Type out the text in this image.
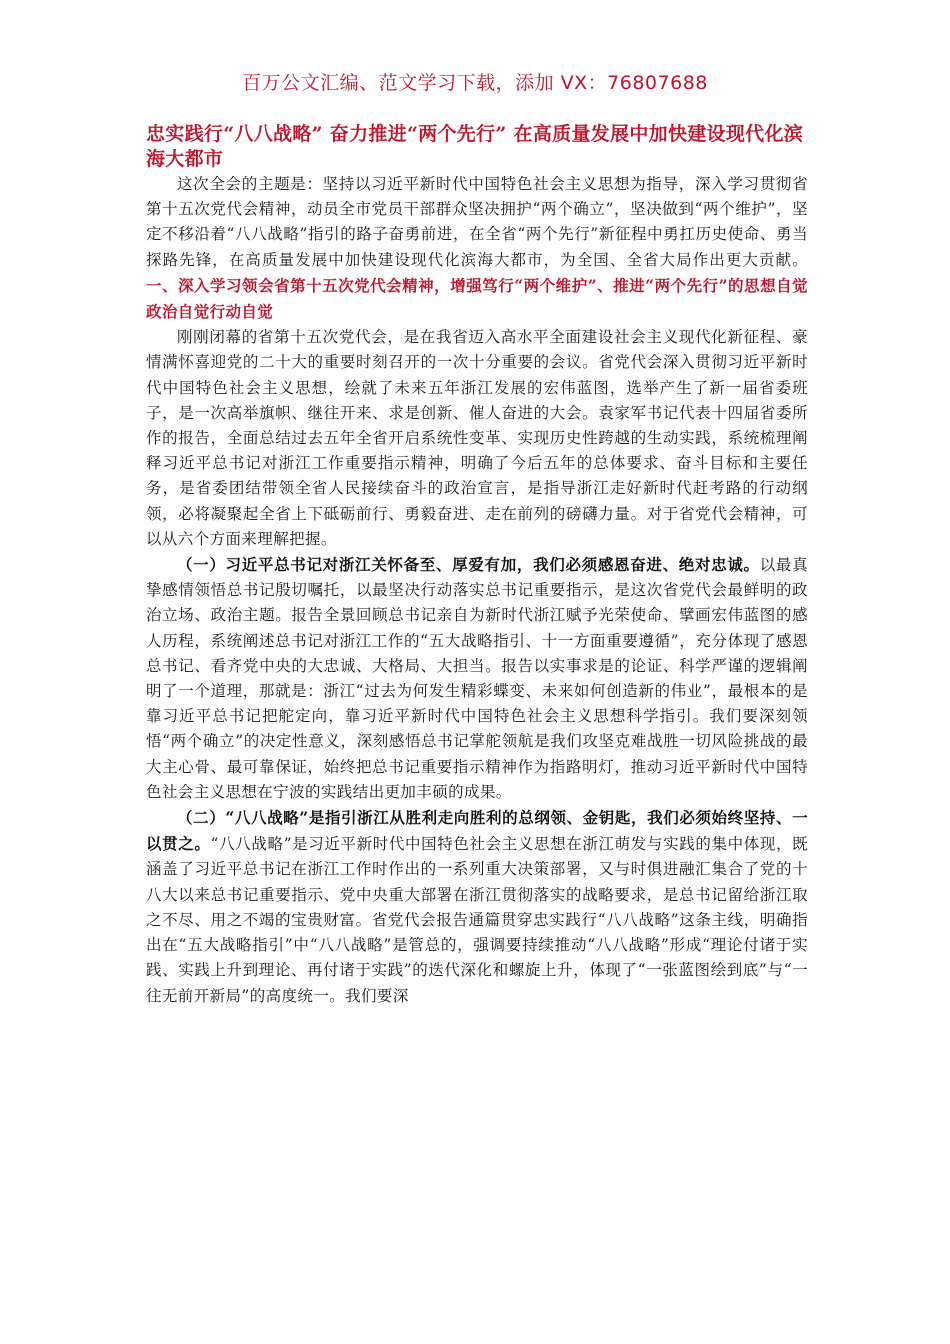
百万公文汇编、范文学习下载，添加 VX：76807688
忠实践行“八八战略” 奋力推进“两个先行” 在高质量发展中加快建设现代化滨海大都市

这次全会的主题是：坚持以习近平新时代中国特色社会主义思想为指导，深入学习贯彻省第十五次党代会精神，动员全市党员干部群众坚决拥护“两个确立”，坚决做到“两个维护”，坚定不移沿着“八八战略”指引的路子奋勇前进，在全省“两个先行”新征程中勇扛历史使命、勇当探路先锋，在高质量发展中加快建设现代化滨海大都市，为全国、全省大局作出更大贡献。一、深入学习领会省第十五次党代会精神，增强笃行“两个维护”、推进“两个先行”的思想自觉政治自觉行动自觉

刚刚闭幕的省第十五次党代会，是在我省迈入高水平全面建设社会主义现代化新征程、豪情满怀喜迎党的二十大的重要时刻召开的一次十分重要的会议。省党代会深入贯彻习近平新时代中国特色社会主义思想，绘就了未来五年浙江发展的宏伟蓝图，选举产生了新一届省委班子，是一次高举旗帜、继往开来、求是创新、催人奋进的大会。袁家军书记代表十四届省委所作的报告，全面总结过去五年全省开启系统性变革、实现历史性跨越的生动实践，系统梳理阐释习近平总书记对浙江工作重要指示精神，明确了今后五年的总体要求、奋斗目标和主要任务，是省委团结带领全省人民接续奋斗的政治宣言，是指导浙江走好新时代赶考路的行动纲领，必将凝聚起全省上下砥砺前行、勇毅奋进、走在前列的磅礴力量。对于省党代会精神，可以从六个方面来理解把握。

（一）习近平总书记对浙江关怀备至、厚爱有加，我们必须感恩奋进、绝对忠诚。以最真挚感情领悟总书记殷切嘱托，以最坚决行动落实总书记重要指示，是这次省党代会最鲜明的政治立场、政治主题。报告全景回顾总书记亲自为新时代浙江赋予光荣使命、擘画宏伟蓝图的感人历程，系统阐述总书记对浙江工作的“五大战略指引、十一方面重要遵循”，充分体现了感恩总书记、看齐党中央的大忠诚、大格局、大担当。报告以实事求是的论证、科学严谨的逻辑阐明了一个道理，那就是：浙江“过去为何发生精彩蝶变、未来如何创造新的伟业”，最根本的是靠习近平总书记把舵定向，靠习近平新时代中国特色社会主义思想科学指引。我们要深刻领悟“两个确立”的决定性意义，深刻感悟总书记掌舵领航是我们攻坚克难战胜一切风险挑战的最大主心骨、最可靠保证，始终把总书记重要指示精神作为指路明灯，推动习近平新时代中国特色社会主义思想在宁波的实践结出更加丰硕的成果。

（二）“八八战略”是指引浙江从胜利走向胜利的总纲领、金钥匙，我们必须始终坚持、一以贯之。“八八战略”是习近平新时代中国特色社会主义思想在浙江萌发与实践的集中体现，既涵盖了习近平总书记在浙江工作时作出的一系列重大决策部署，又与时俱进融汇集合了党的十八大以来总书记重要指示、党中央重大部署在浙江贯彻落实的战略要求，是总书记留给浙江取之不尽、用之不竭的宝贵财富。省党代会报告通篇贯穿忠实践行“八八战略”这条主线，明确指出在“五大战略指引”中“八八战略”是管总的，强调要持续推动“八八战略”形成“理论付诸于实践、实践上升到理论、再付诸于实践”的迭代深化和螺旋上升，体现了“一张蓝图绘到底”与“一往无前开新局”的高度统一。我们要深
